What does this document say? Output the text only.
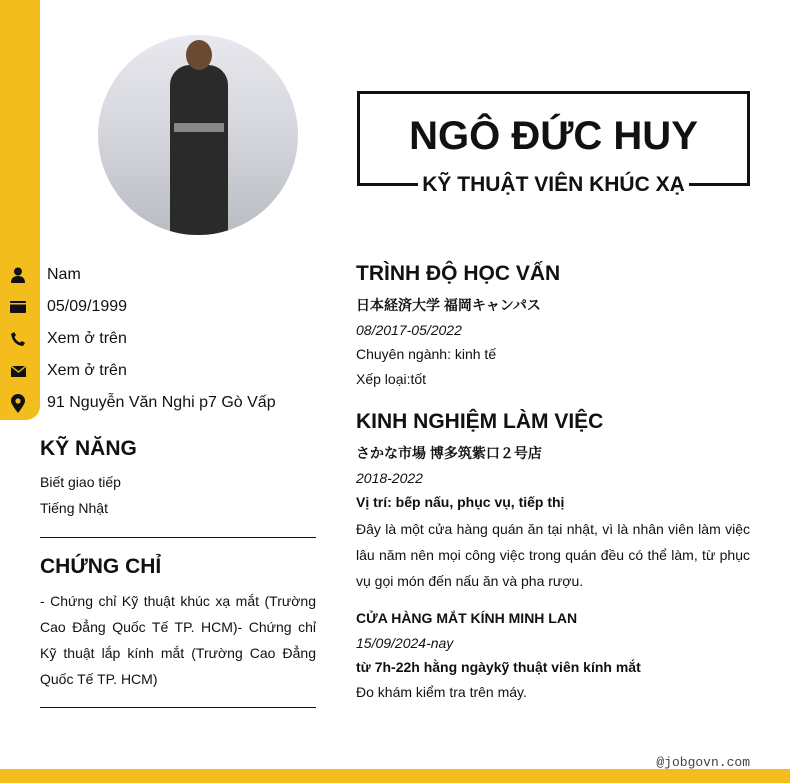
NGÔ ĐỨC HUY
KỸ THUẬT VIÊN KHÚC XẠ
Nam
05/09/1999
Xem ở trên
Xem ở trên
91 Nguyễn Văn Nghi p7 Gò Vấp
KỸ NĂNG
Biết giao tiếp
Tiếng Nhật
CHỨNG CHỈ
- Chứng chỉ Kỹ thuật khúc xạ mắt (Trường Cao Đẳng Quốc Tế TP. HCM)- Chứng chỉ Kỹ thuật lắp kính mắt (Trường Cao Đẳng Quốc Tế TP. HCM)
TRÌNH ĐỘ HỌC VẤN
日本経済大学 福岡キャンパス
08/2017-05/2022
Chuyên ngành: kinh tế
Xếp loại:tốt
KINH NGHIỆM LÀM VIỆC
さかな市場 博多筑紫口２号店
2018-2022
Vị trí: bếp nấu, phục vụ, tiếp thị
Đây là một cửa hàng quán ăn tại nhật, vì là nhân viên làm việc lâu năm nên mọi công việc trong quán đều có thể làm, từ phục vụ gọi món đến nấu ăn và pha rượu.
CỬA HÀNG MẮT KÍNH MINH LAN
15/09/2024-nay
từ 7h-22h hằng ngàykỹ thuật viên kính mắt
Đo khám kiểm tra trên máy.
@jobgovn.com
